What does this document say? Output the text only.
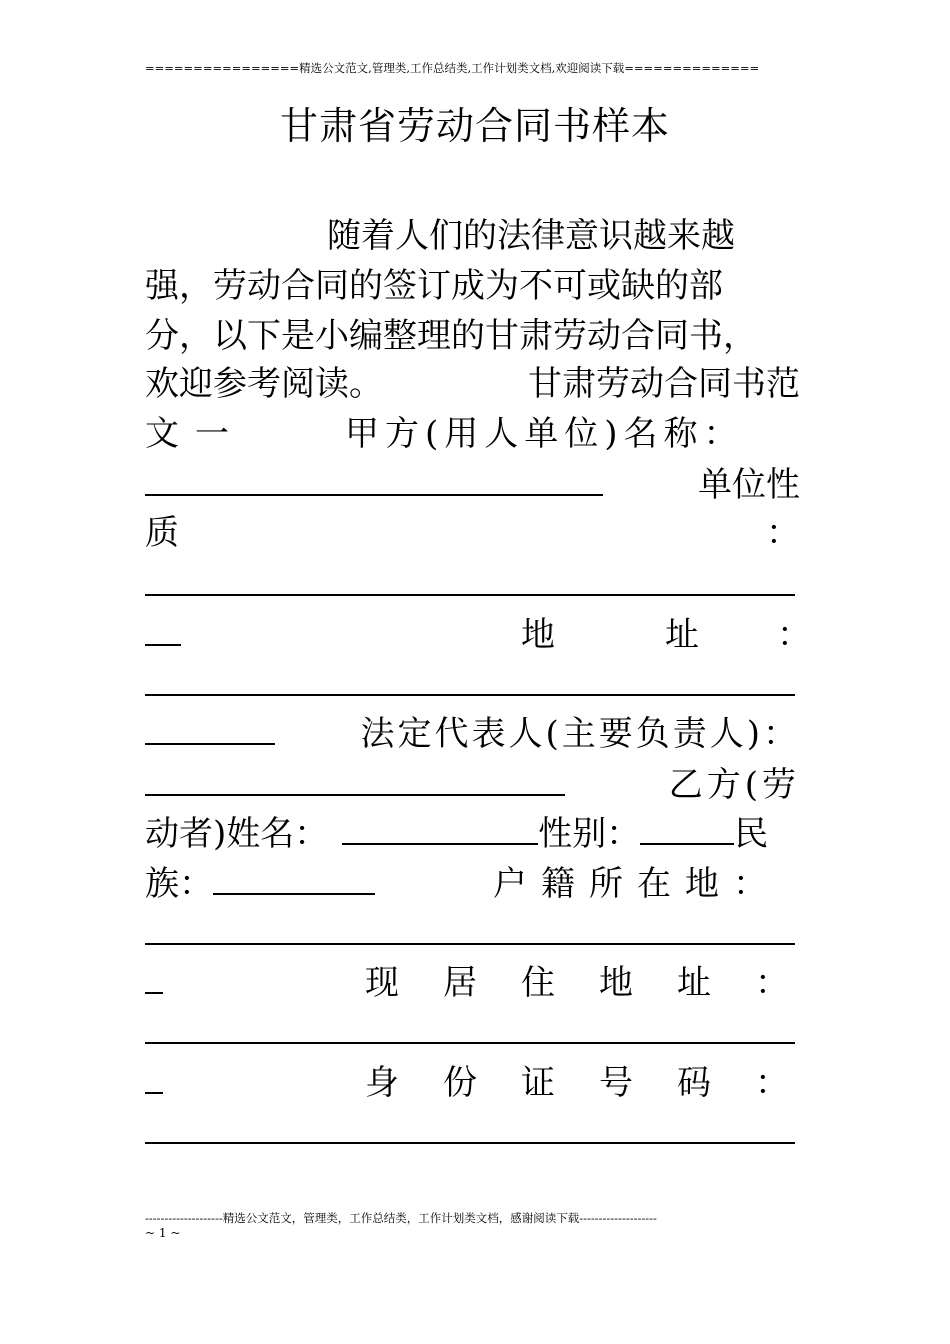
================精选公文范文,管理类,工作总结类,工作计划类文档,欢迎阅读下载==============
甘肃省劳动合同书样本
随着人们的法律意识越来越
强，劳动合同的签订成为不可或缺的部
分，以下是小编整理的甘肃劳动合同书，
欢迎参考阅读。	甘肃劳动合同书范
文一	甲方(用人单位)名称：
单位性
质	：
地　址 ：
法定代表人(主要负责人)：
乙方(劳
动者)姓名：	性别：	民
族：	户籍所在地：
现居住地址：
身份证号码：
--------------------精选公文范文，管理类，工作总结类，工作计划类文档，感谢阅读下载--------------------
~ 1 ~
